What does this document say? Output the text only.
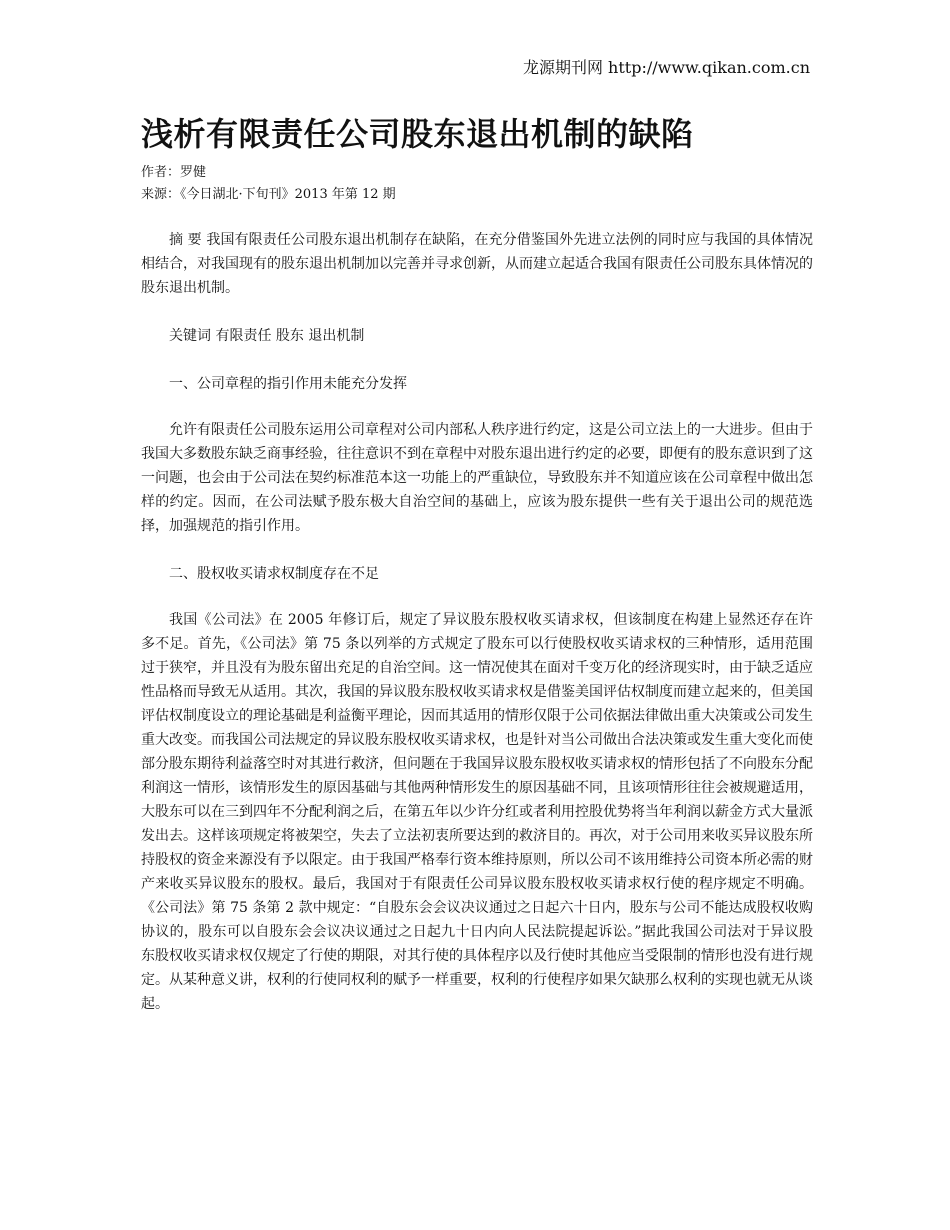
龙源期刊网 http://www.qikan.com.cn
浅析有限责任公司股东退出机制的缺陷
作者：罗健
来源：《今日湖北·下旬刊》2013 年第 12 期

摘 要 我国有限责任公司股东退出机制存在缺陷，在充分借鉴国外先进立法例的同时应与我国的具体情况相结合，对我国现有的股东退出机制加以完善并寻求创新，从而建立起适合我国有限责任公司股东具体情况的股东退出机制。

关键词 有限责任 股东 退出机制

一、公司章程的指引作用未能充分发挥

允许有限责任公司股东运用公司章程对公司内部私人秩序进行约定，这是公司立法上的一大进步。但由于我国大多数股东缺乏商事经验，往往意识不到在章程中对股东退出进行约定的必要，即便有的股东意识到了这一问题，也会由于公司法在契约标准范本这一功能上的严重缺位，导致股东并不知道应该在公司章程中做出怎样的约定。因而，在公司法赋予股东极大自治空间的基础上，应该为股东提供一些有关于退出公司的规范选择，加强规范的指引作用。

二、股权收买请求权制度存在不足

我国《公司法》在 2005 年修订后，规定了异议股东股权收买请求权，但该制度在构建上显然还存在许多不足。首先，《公司法》第 75 条以列举的方式规定了股东可以行使股权收买请求权的三种情形，适用范围过于狭窄，并且没有为股东留出充足的自治空间。这一情况使其在面对千变万化的经济现实时，由于缺乏适应性品格而导致无从适用。其次，我国的异议股东股权收买请求权是借鉴美国评估权制度而建立起来的，但美国评估权制度设立的理论基础是利益衡平理论，因而其适用的情形仅限于公司依据法律做出重大决策或公司发生重大改变。而我国公司法规定的异议股东股权收买请求权，也是针对当公司做出合法决策或发生重大变化而使部分股东期待利益落空时对其进行救济，但问题在于我国异议股东股权收买请求权的情形包括了不向股东分配利润这一情形，该情形发生的原因基础与其他两种情形发生的原因基础不同，且该项情形往往会被规避适用，大股东可以在三到四年不分配利润之后，在第五年以少许分红或者利用控股优势将当年利润以薪金方式大量派发出去。这样该项规定将被架空，失去了立法初衷所要达到的救济目的。再次，对于公司用来收买异议股东所持股权的资金来源没有予以限定。由于我国严格奉行资本维持原则，所以公司不该用维持公司资本所必需的财产来收买异议股东的股权。最后，我国对于有限责任公司异议股东股权收买请求权行使的程序规定不明确。《公司法》第 75 条第 2 款中规定：“自股东会会议决议通过之日起六十日内，股东与公司不能达成股权收购协议的，股东可以自股东会会议决议通过之日起九十日内向人民法院提起诉讼。”据此我国公司法对于异议股东股权收买请求权仅规定了行使的期限，对其行使的具体程序以及行使时其他应当受限制的情形也没有进行规定。从某种意义讲，权利的行使同权利的赋予一样重要，权利的行使程序如果欠缺那么权利的实现也就无从谈起。
